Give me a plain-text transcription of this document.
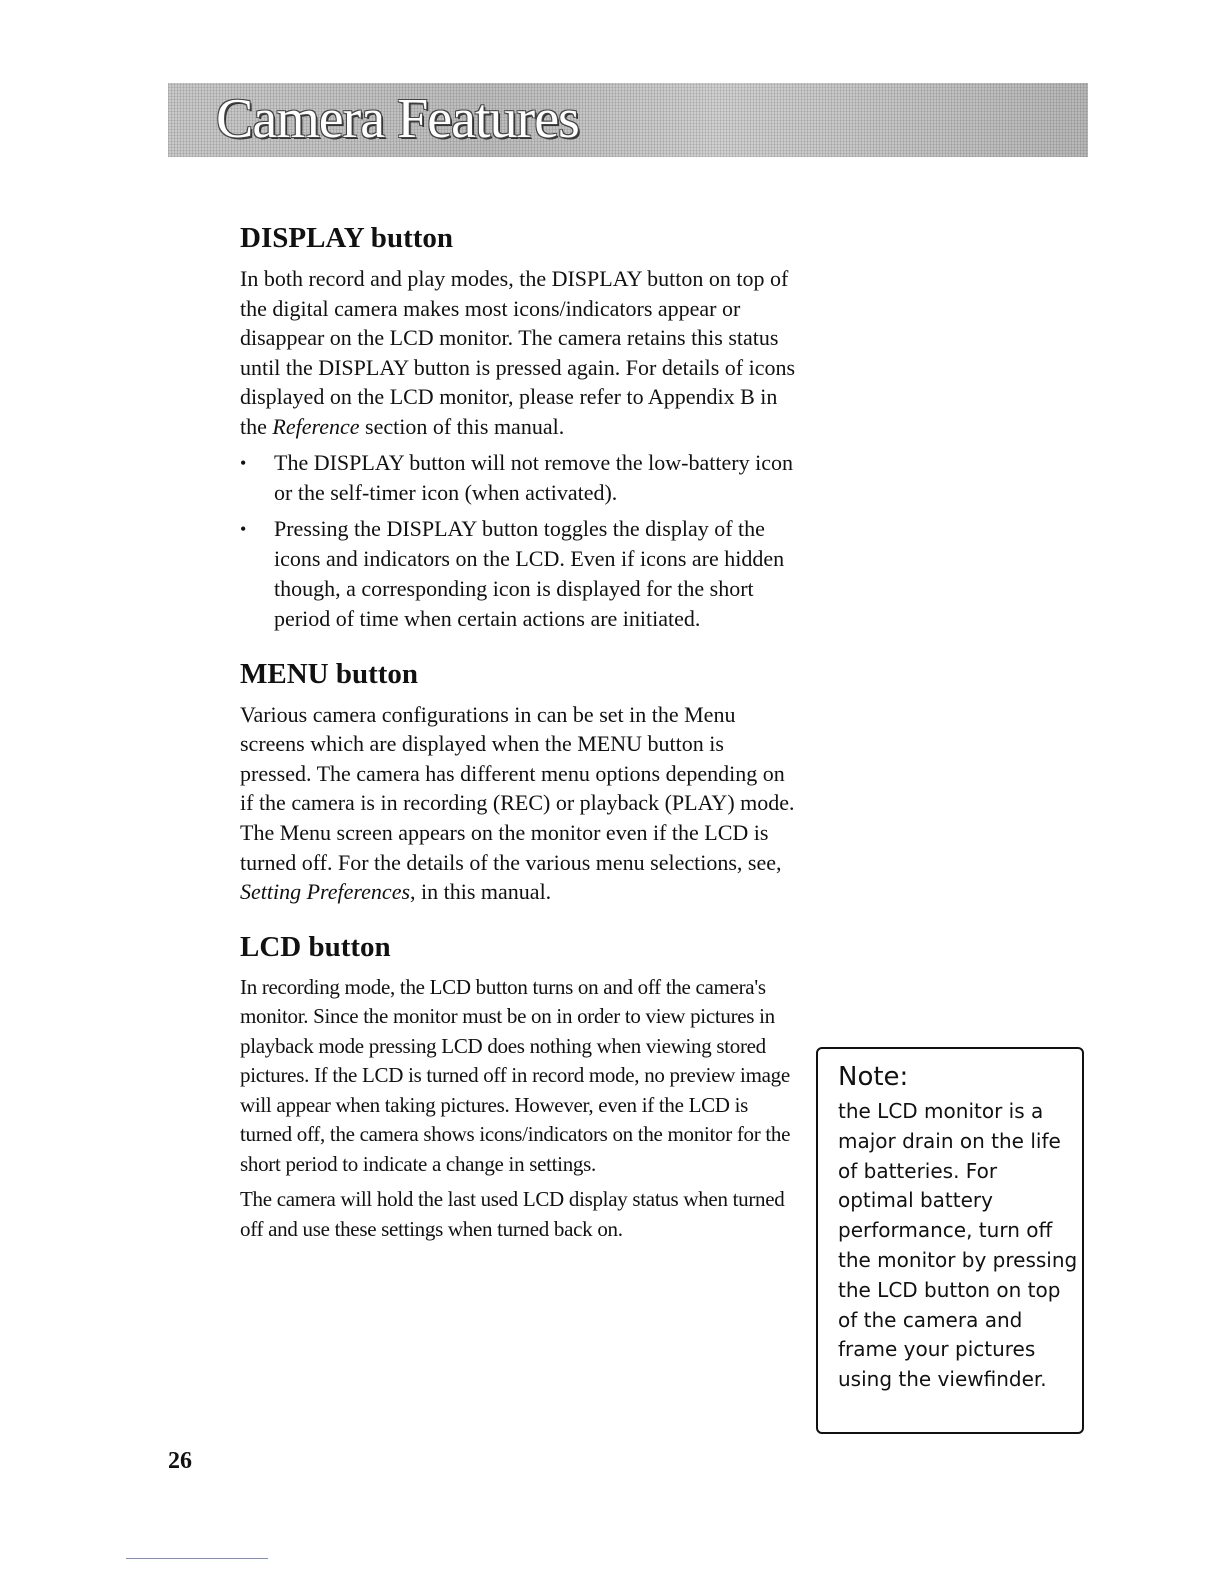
Camera Features
DISPLAY button

In both record and play modes, the DISPLAY button on top of the digital camera makes most icons/indicators appear or disappear on the LCD monitor. The camera retains this status until the DISPLAY button is pressed again. For details of icons displayed on the LCD monitor, please refer to Appendix B in the Reference section of this manual.

• The DISPLAY button will not remove the low-battery icon or the self-timer icon (when activated).
• Pressing the DISPLAY button toggles the display of the icons and indicators on the LCD. Even if icons are hidden though, a corresponding icon is displayed for the short period of time when certain actions are initiated.
MENU button

Various camera configurations in can be set in the Menu screens which are displayed when the MENU button is pressed. The camera has different menu options depending on if the camera is in recording (REC) or playback (PLAY) mode. The Menu screen appears on the monitor even if the LCD is turned off. For the details of the various menu selections, see, Setting Preferences, in this manual.

LCD button

In recording mode, the LCD button turns on and off the camera's monitor. Since the monitor must be on in order to view pictures in playback mode pressing LCD does nothing when viewing stored pictures. If the LCD is turned off in record mode, no preview image will appear when taking pictures. However, even if the LCD is turned off, the camera shows icons/indicators on the monitor for the short period to indicate a change in settings.

The camera will hold the last used LCD display status when turned off and use these settings when turned back on.

Note:

the LCD monitor is a major drain on the life of batteries. For optimal battery performance, turn off the monitor by pressing the LCD button on top of the camera and frame your pictures using the viewfinder.

26
